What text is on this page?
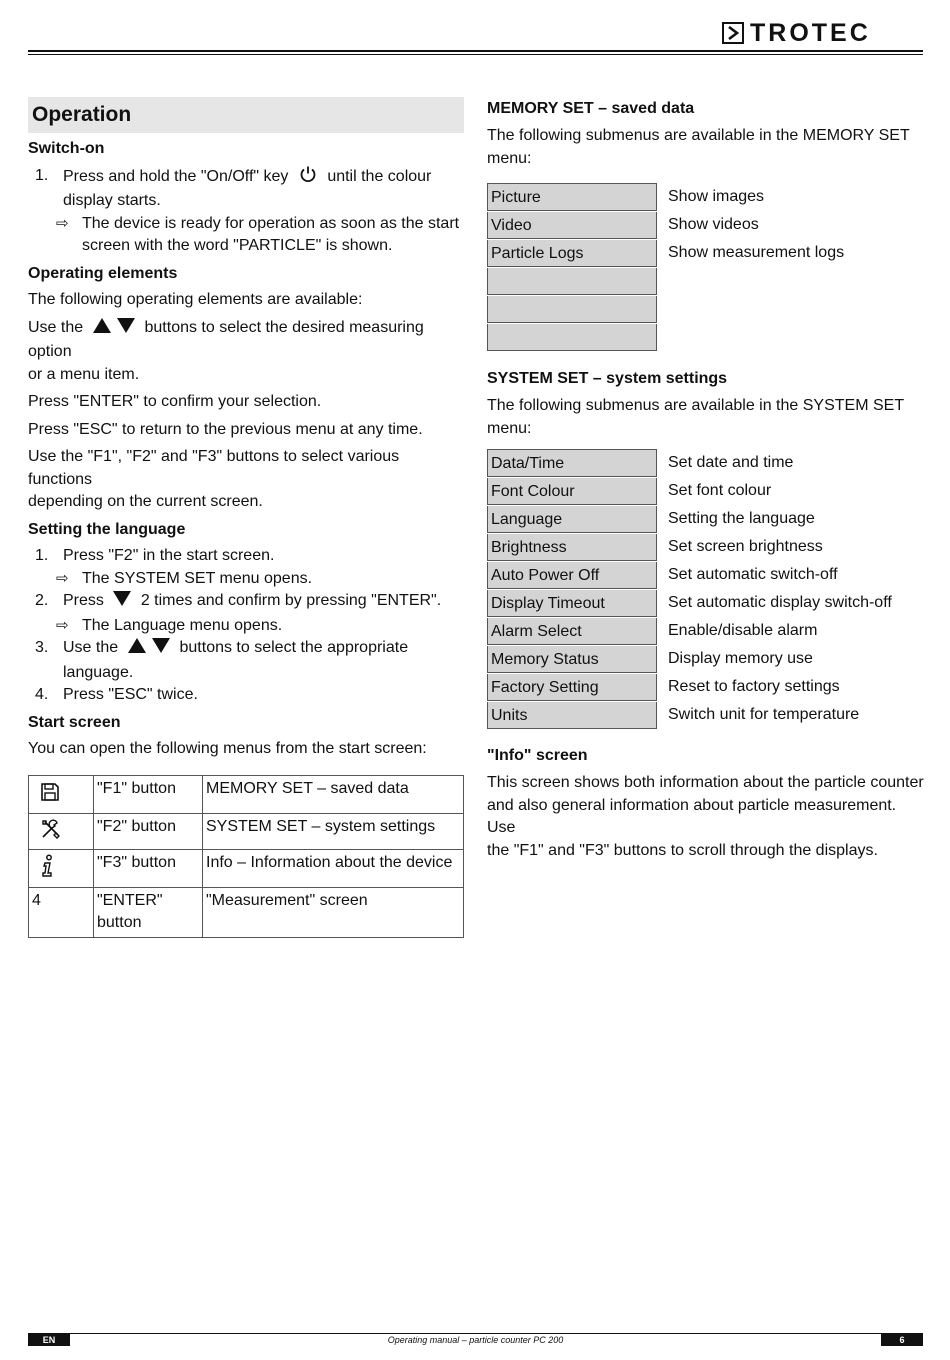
TROTEC
Operation
Switch-on
1. Press and hold the "On/Off" key until the colour
display starts.
⇨ The device is ready for operation as soon as the start
screen with the word "PARTICLE" is shown.
Operating elements

The following operating elements are available:

Use the	buttons to select the desired measuring option
or a menu item.

Press "ENTER" to confirm your selection.

Press "ESC" to return to the previous menu at any time.

Use the "F1", "F2" and "F3" buttons to select various functions
depending on the current screen.

Setting the language
1. Press "F2" in the start screen.
⇨ The SYSTEM SET menu opens.
2. Press 2 times and confirm by pressing "ENTER".
⇨ The Language menu opens.
3. Use the	buttons to select the appropriate
language.
4. Press "ESC" twice.
Start screen

You can open the following menus from the start screen:

	"F1" button	MEMORY SET – saved data
	"F2" button	SYSTEM SET – system settings
	"F3" button	Info – Information about the device
4	"ENTER"
button	"Measurement" screen
MEMORY SET – saved data

The following submenus are available in the MEMORY SET
menu:

Picture	Show images
Video	Show videos
Particle Logs	Show measurement logs
SYSTEM SET – system settings

The following submenus are available in the SYSTEM SET menu:

Data/Time	Set date and time
Font Colour	Set font colour
Language	Setting the language
Brightness	Set screen brightness
Auto Power Off	Set automatic switch-off
Display Timeout	Set automatic display switch-off
Alarm Select	Enable/disable alarm
Memory Status	Display memory use
Factory Setting	Reset to factory settings
Units	Switch unit for temperature
"Info" screen

This screen shows both information about the particle counter
and also general information about particle measurement. Use
the "F1" and "F3" buttons to scroll through the displays.

Operating manual – particle counter PC 200
EN	6
